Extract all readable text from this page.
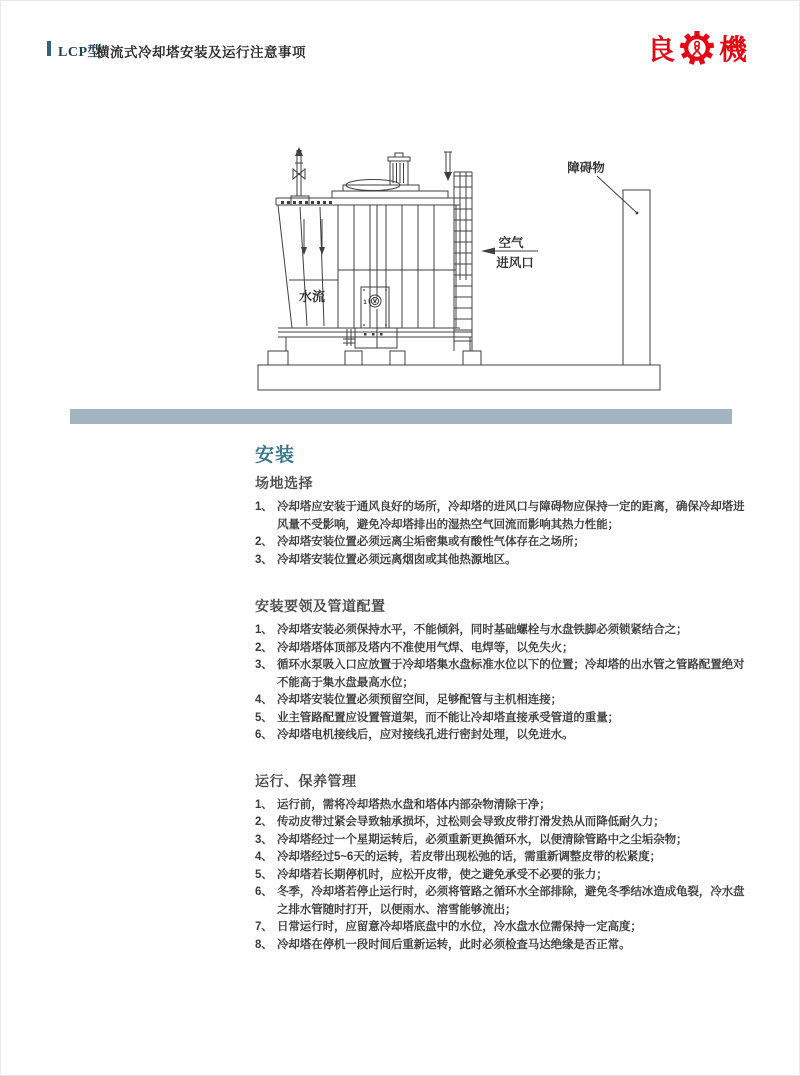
LCP型
横流式冷却塔安装及运行注意事项	良 機
障碍物
水流	1
空气
进风口
安装
场地选择
1、 冷却塔应安装于通风良好的场所，冷却塔的进风口与障碍物应保持一定的距离，确保冷却塔进风量不受影响，避免冷却塔排出的湿热空气回流而影响其热力性能；
2、 冷却塔安装位置必须远离尘垢密集或有酸性气体存在之场所；
3、 冷却塔安装位置必须远离烟囱或其他热源地区。
安装要领及管道配置
1、 冷却塔安装必须保持水平，不能倾斜，同时基础螺栓与水盘铁脚必须锁紧结合之；
2、 冷却塔塔体顶部及塔内不准使用气焊、电焊等，以免失火；
3、 循环水泵吸入口应放置于冷却塔集水盘标准水位以下的位置；冷却塔的出水管之管路配置绝对不能高于集水盘最高水位；
4、 冷却塔安装位置必须预留空间，足够配管与主机相连接；
5、 业主管路配置应设置管道架，而不能让冷却塔直接承受管道的重量；
6、 冷却塔电机接线后，应对接线孔进行密封处理，以免进水。
运行、保养管理
1、 运行前，需将冷却塔热水盘和塔体内部杂物清除干净；
2、 传动皮带过紧会导致轴承损坏，过松则会导致皮带打滑发热从而降低耐久力；
3、 冷却塔经过一个星期运转后，必须重新更换循环水，以便清除管路中之尘垢杂物；
4、 冷却塔经过5~6天的运转，若皮带出现松弛的话，需重新调整皮带的松紧度；
5、 冷却塔若长期停机时，应松开皮带，使之避免承受不必要的张力；
6、 冬季，冷却塔若停止运行时，必须将管路之循环水全部排除，避免冬季结冰造成龟裂，冷水盘之排水管随时打开，以便雨水、溶雪能够流出；
7、 日常运行时，应留意冷却塔底盘中的水位，冷水盘水位需保持一定高度；
8、 冷却塔在停机一段时间后重新运转，此时必须检查马达绝缘是否正常。
